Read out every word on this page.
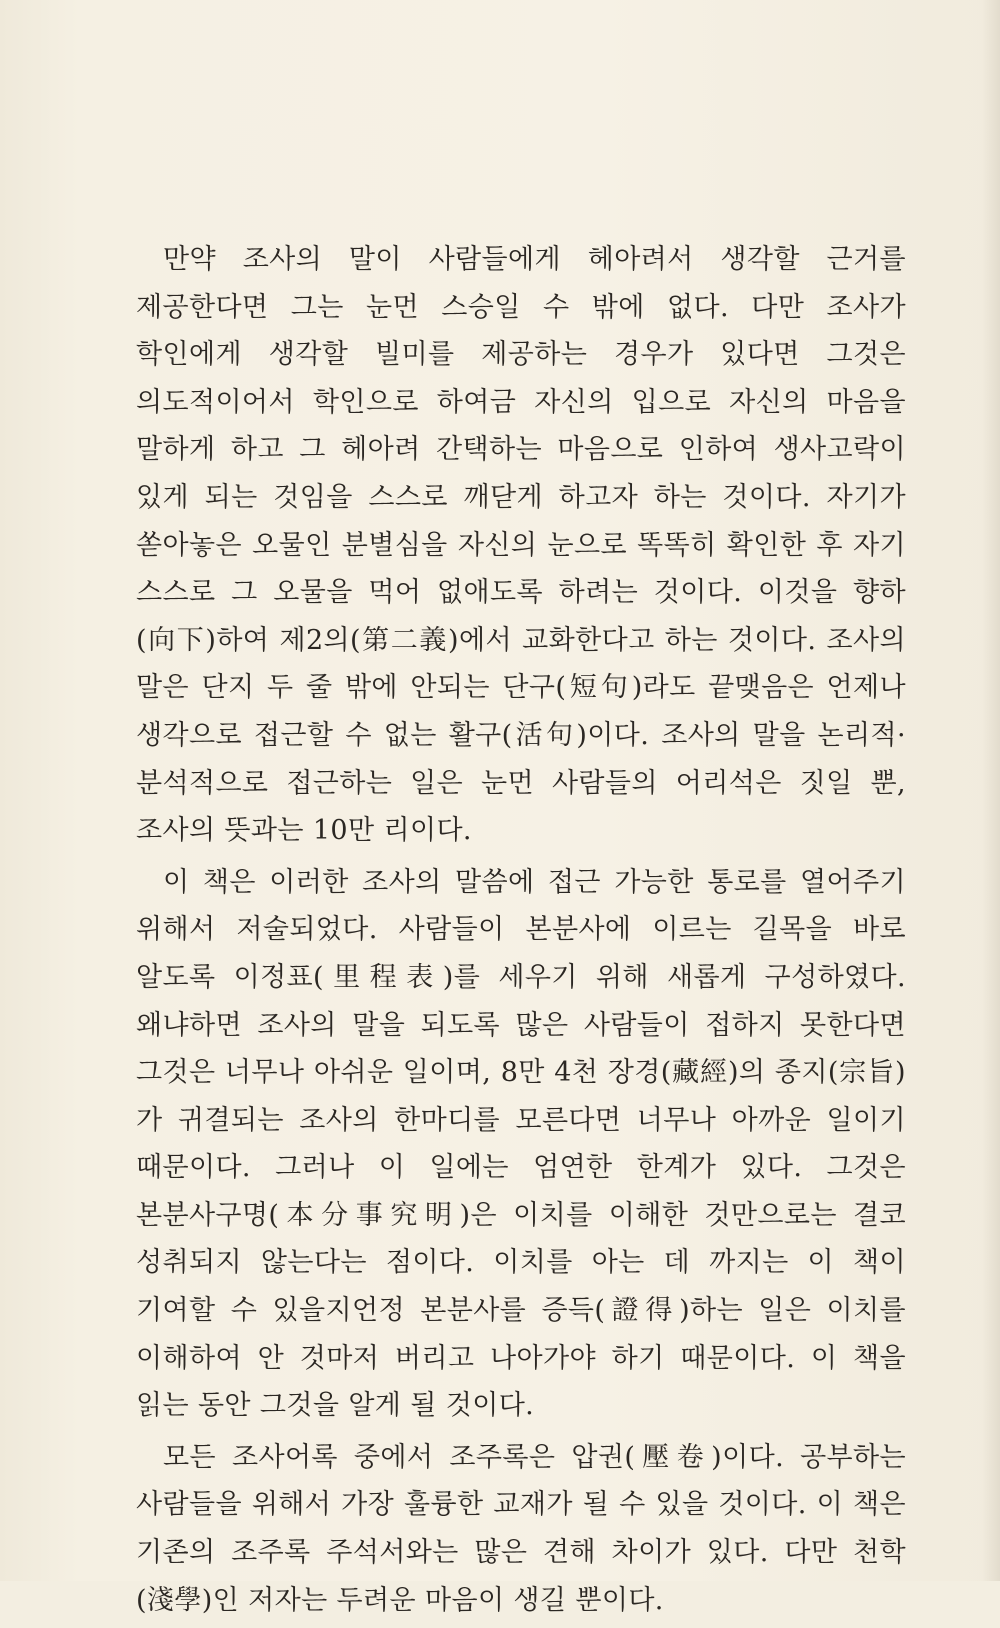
만약 조사의 말이 사람들에게 헤아려서 생각할 근거를 제공한다면 그는 눈먼 스승일 수 밖에 없다. 다만 조사가 학인에게 생각할 빌미를 제공하는 경우가 있다면 그것은 의도적이어서 학인으로 하여금 자신의 입으로 자신의 마음을 말하게 하고 그 헤아려 간택하는 마음으로 인하여 생사고락이 있게 되는 것임을 스스로 깨닫게 하고자 하는 것이다. 자기가 쏟아놓은 오물인 분별심을 자신의 눈으로 똑똑히 확인한 후 자기 스스로 그 오물을 먹어 없애도록 하려는 것이다. 이것을 향하(向下)하여 제2의(第二義)에서 교화한다고 하는 것이다. 조사의 말은 단지 두 줄 밖에 안되는 단구(短句)라도 끝맺음은 언제나 생각으로 접근할 수 없는 활구(活句)이다. 조사의 말을 논리적·분석적으로 접근하는 일은 눈먼 사람들의 어리석은 짓일 뿐, 조사의 뜻과는 10만 리이다.

이 책은 이러한 조사의 말씀에 접근 가능한 통로를 열어주기 위해서 저술되었다. 사람들이 본분사에 이르는 길목을 바로 알도록 이정표(里程表)를 세우기 위해 새롭게 구성하였다. 왜냐하면 조사의 말을 되도록 많은 사람들이 접하지 못한다면 그것은 너무나 아쉬운 일이며, 8만 4천 장경(藏經)의 종지(宗旨)가 귀결되는 조사의 한마디를 모른다면 너무나 아까운 일이기 때문이다. 그러나 이 일에는 엄연한 한계가 있다. 그것은 본분사구명(本分事究明)은 이치를 이해한 것만으로는 결코 성취되지 않는다는 점이다. 이치를 아는 데 까지는 이 책이 기여할 수 있을지언정 본분사를 증득(證得)하는 일은 이치를 이해하여 안 것마저 버리고 나아가야 하기 때문이다. 이 책을 읽는 동안 그것을 알게 될 것이다.

모든 조사어록 중에서 조주록은 압권(壓卷)이다. 공부하는 사람들을 위해서 가장 훌륭한 교재가 될 수 있을 것이다. 이 책은 기존의 조주록 주석서와는 많은 견해 차이가 있다. 다만 천학(淺學)인 저자는 두려운 마음이 생길 뿐이다.
